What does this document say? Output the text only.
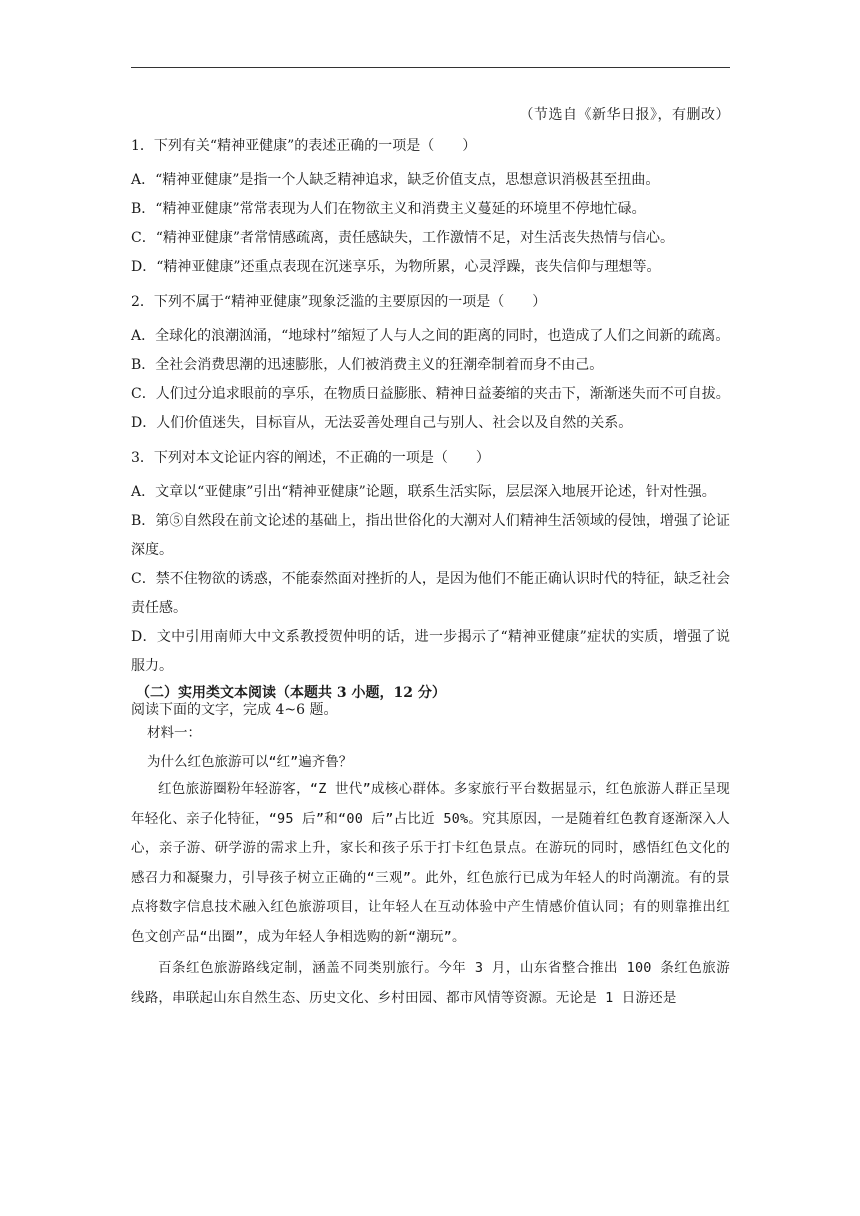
（节选自《新华日报》，有删改）

1．下列有关“精神亚健康”的表述正确的一项是（　　）

A．“精神亚健康”是指一个人缺乏精神追求，缺乏价值支点，思想意识消极甚至扭曲。

B．“精神亚健康”常常表现为人们在物欲主义和消费主义蔓延的环境里不停地忙碌。

C．“精神亚健康”者常情感疏离，责任感缺失，工作激情不足，对生活丧失热情与信心。

D．“精神亚健康”还重点表现在沉迷享乐，为物所累，心灵浮躁，丧失信仰与理想等。

2．下列不属于“精神亚健康”现象泛滥的主要原因的一项是（　　）

A．全球化的浪潮汹涌，“地球村”缩短了人与人之间的距离的同时，也造成了人们之间新的疏离。

B．全社会消费思潮的迅速膨胀，人们被消费主义的狂潮牵制着而身不由己。

C．人们过分追求眼前的享乐，在物质日益膨胀、精神日益萎缩的夹击下，渐渐迷失而不可自拔。

D．人们价值迷失，目标盲从，无法妥善处理自己与别人、社会以及自然的关系。

3．下列对本文论证内容的阐述，不正确的一项是（　　）

A．文章以“亚健康”引出“精神亚健康”论题，联系生活实际，层层深入地展开论述，针对性强。

B．第⑤自然段在前文论述的基础上，指出世俗化的大潮对人们精神生活领域的侵蚀，增强了论证深度。

C．禁不住物欲的诱惑，不能泰然面对挫折的人，是因为他们不能正确认识时代的特征，缺乏社会责任感。

D．文中引用南师大中文系教授贺仲明的话，进一步揭示了“精神亚健康”症状的实质，增强了说服力。

（二）实用类文本阅读（本题共 3 小题，12 分）

阅读下面的文字，完成 4~6 题。

材料一：

为什么红色旅游可以“红”遍齐鲁？

红色旅游圈粉年轻游客，“Z 世代”成核心群体。多家旅行平台数据显示，红色旅游人群正呈现年轻化、亲子化特征，“95 后”和“00 后”占比近 50%。究其原因，一是随着红色教育逐渐深入人心，亲子游、研学游的需求上升，家长和孩子乐于打卡红色景点。在游玩的同时，感悟红色文化的感召力和凝聚力，引导孩子树立正确的“三观”。此外，红色旅行已成为年轻人的时尚潮流。有的景点将数字信息技术融入红色旅游项目，让年轻人在互动体验中产生情感价值认同；有的则靠推出红色文创产品“出圈”，成为年轻人争相选购的新“潮玩”。

百条红色旅游路线定制，涵盖不同类别旅行。今年 3 月，山东省整合推出 100 条红色旅游线路，串联起山东自然生态、历史文化、乡村田园、都市风情等资源。无论是 1 日游还是
